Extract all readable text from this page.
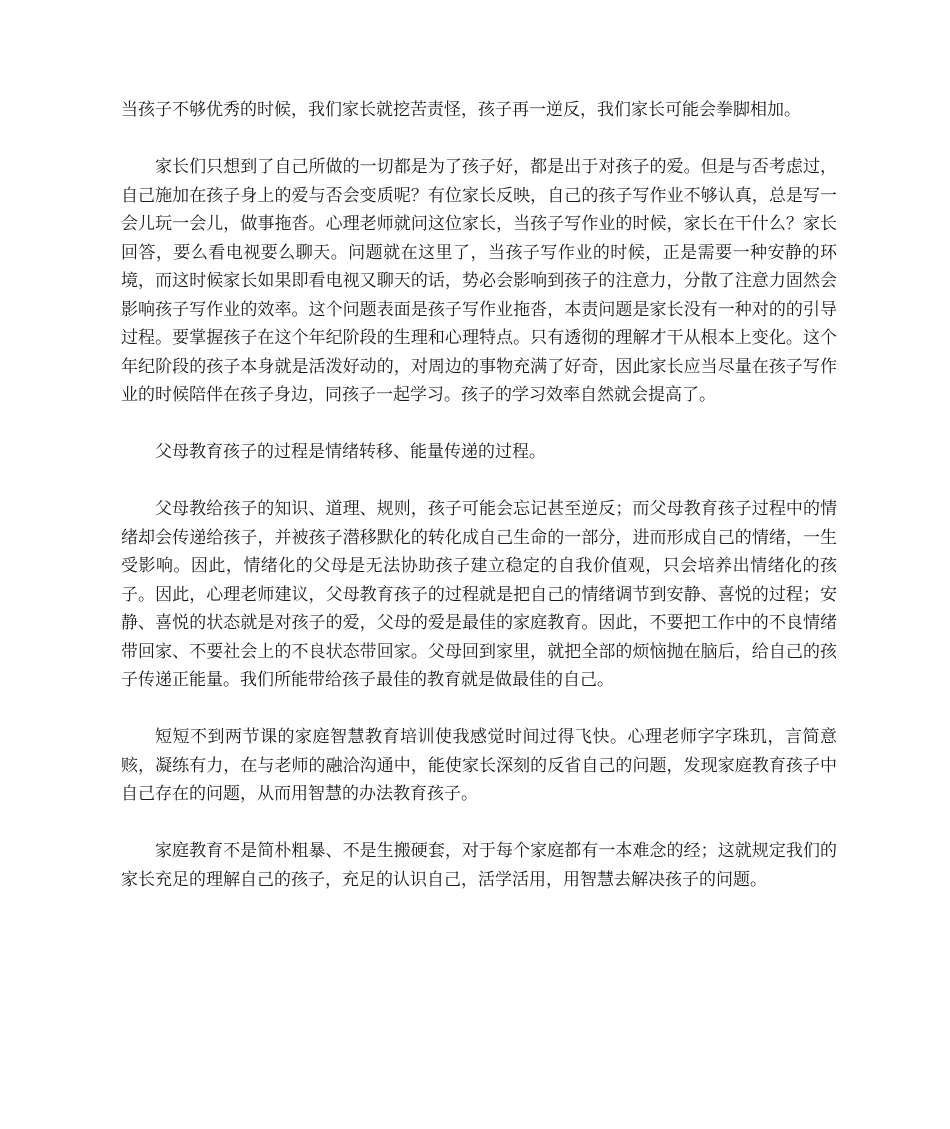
当孩子不够优秀的时候，我们家长就挖苦责怪，孩子再一逆反，我们家长可能会拳脚相加。

家长们只想到了自己所做的一切都是为了孩子好，都是出于对孩子的爱。但是与否考虑过，自己施加在孩子身上的爱与否会变质呢？有位家长反映，自己的孩子写作业不够认真，总是写一会儿玩一会儿，做事拖沓。心理老师就问这位家长，当孩子写作业的时候，家长在干什么？家长回答，要么看电视要么聊天。问题就在这里了，当孩子写作业的时候，正是需要一种安静的环境，而这时候家长如果即看电视又聊天的话，势必会影响到孩子的注意力，分散了注意力固然会影响孩子写作业的效率。这个问题表面是孩子写作业拖沓，本责问题是家长没有一种对的的引导过程。要掌握孩子在这个年纪阶段的生理和心理特点。只有透彻的理解才干从根本上变化。这个年纪阶段的孩子本身就是活泼好动的，对周边的事物充满了好奇，因此家长应当尽量在孩子写作业的时候陪伴在孩子身边，同孩子一起学习。孩子的学习效率自然就会提高了。

父母教育孩子的过程是情绪转移、能量传递的过程。

父母教给孩子的知识、道理、规则，孩子可能会忘记甚至逆反；而父母教育孩子过程中的情绪却会传递给孩子，并被孩子潜移默化的转化成自己生命的一部分，进而形成自己的情绪，一生受影响。因此，情绪化的父母是无法协助孩子建立稳定的自我价值观，只会培养出情绪化的孩子。因此，心理老师建议，父母教育孩子的过程就是把自己的情绪调节到安静、喜悦的过程；安静、喜悦的状态就是对孩子的爱，父母的爱是最佳的家庭教育。因此，不要把工作中的不良情绪带回家、不要社会上的不良状态带回家。父母回到家里，就把全部的烦恼抛在脑后，给自己的孩子传递正能量。我们所能带给孩子最佳的教育就是做最佳的自己。

短短不到两节课的家庭智慧教育培训使我感觉时间过得飞快。心理老师字字珠玑，言简意赅，凝练有力，在与老师的融洽沟通中，能使家长深刻的反省自己的问题，发现家庭教育孩子中自己存在的问题，从而用智慧的办法教育孩子。

家庭教育不是简朴粗暴、不是生搬硬套，对于每个家庭都有一本难念的经；这就规定我们的家长充足的理解自己的孩子，充足的认识自己，活学活用，用智慧去解决孩子的问题。
